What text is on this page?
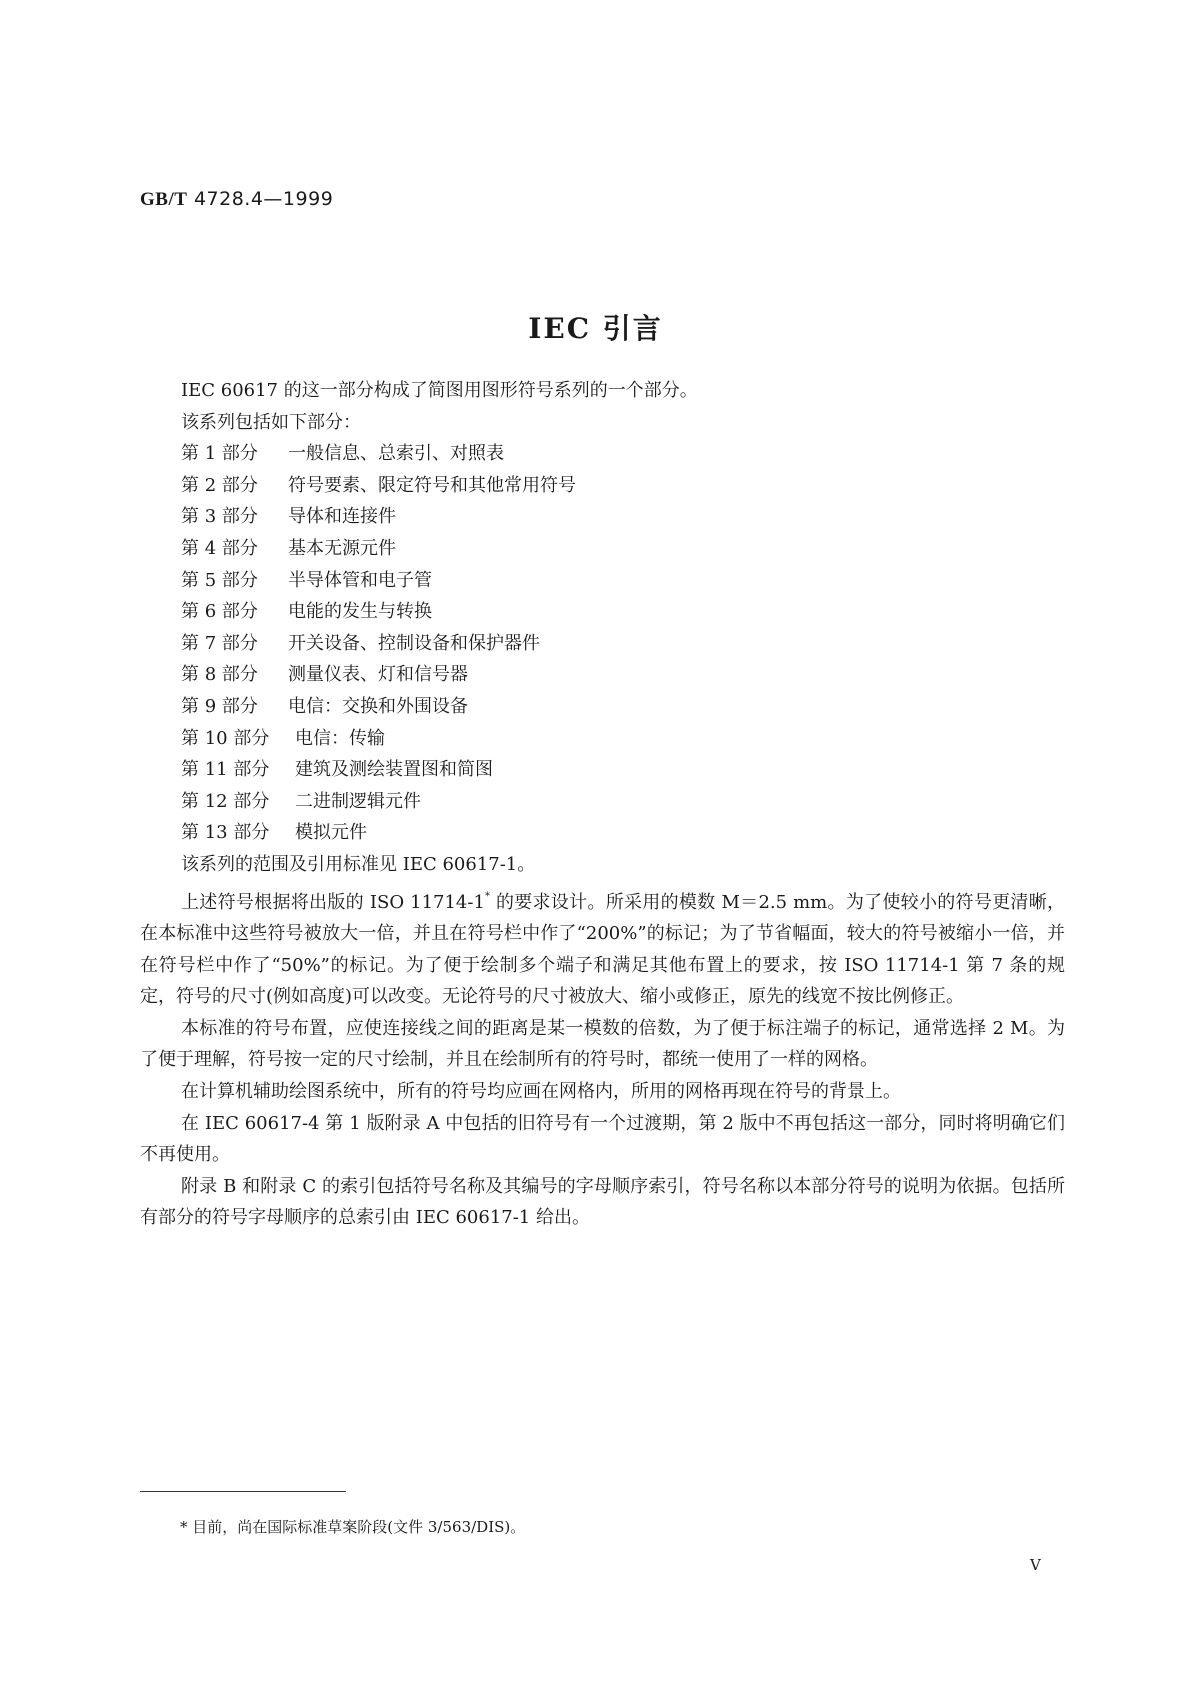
GB/T 4728.4—1999
IEC 引言
IEC 60617 的这一部分构成了简图用图形符号系列的一个部分。
该系列包括如下部分：
第 1 部分 一般信息、总索引、对照表
第 2 部分 符号要素、限定符号和其他常用符号
第 3 部分 导体和连接件
第 4 部分 基本无源元件
第 5 部分 半导体管和电子管
第 6 部分 电能的发生与转换
第 7 部分 开关设备、控制设备和保护器件
第 8 部分 测量仪表、灯和信号器
第 9 部分 电信：交换和外围设备
第 10 部分 电信：传输
第 11 部分 建筑及测绘装置图和简图
第 12 部分 二进制逻辑元件
第 13 部分 模拟元件
该系列的范围及引用标准见 IEC 60617-1。
上述符号根据将出版的 ISO 11714-1* 的要求设计。所采用的模数 M＝2.5 mm。为了使较小的符号更清晰，在本标准中这些符号被放大一倍，并且在符号栏中作了“200%”的标记；为了节省幅面，较大的符号被缩小一倍，并在符号栏中作了“50%”的标记。为了便于绘制多个端子和满足其他布置上的要求，按 ISO 11714-1 第 7 条的规定，符号的尺寸(例如高度)可以改变。无论符号的尺寸被放大、缩小或修正，原先的线宽不按比例修正。
本标准的符号布置，应使连接线之间的距离是某一模数的倍数，为了便于标注端子的标记，通常选择 2 M。为了便于理解，符号按一定的尺寸绘制，并且在绘制所有的符号时，都统一使用了一样的网格。
在计算机辅助绘图系统中，所有的符号均应画在网格内，所用的网格再现在符号的背景上。
在 IEC 60617-4 第 1 版附录 A 中包括的旧符号有一个过渡期，第 2 版中不再包括这一部分，同时将明确它们不再使用。
附录 B 和附录 C 的索引包括符号名称及其编号的字母顺序索引，符号名称以本部分符号的说明为依据。包括所有部分的符号字母顺序的总索引由 IEC 60617-1 给出。
* 目前，尚在国际标准草案阶段(文件 3/563/DIS)。
V
